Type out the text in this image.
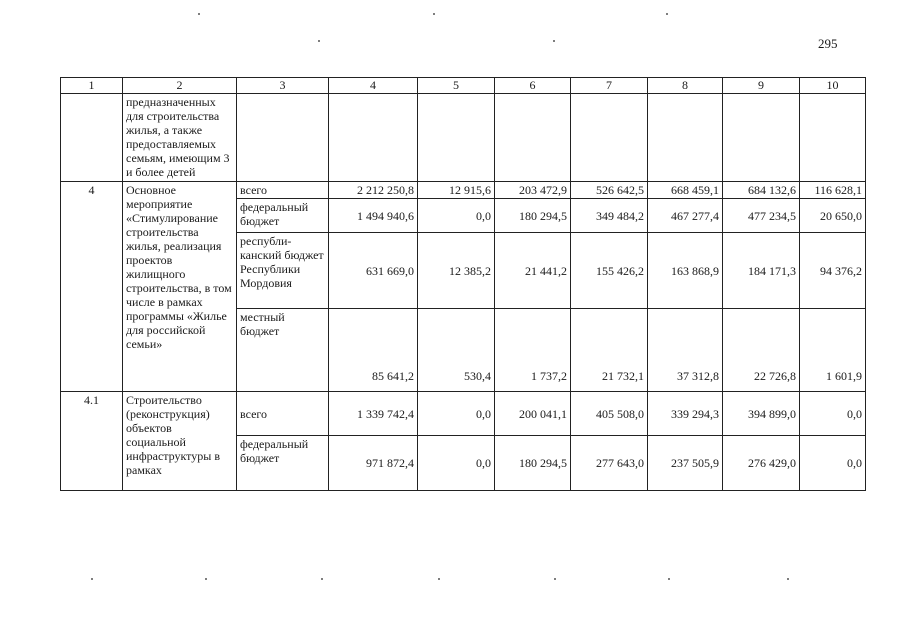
295
1	2	3	4	5	6	7	8	9	10
	предназначенных для строительства жилья, а также предоставляемых семьям, имеющим 3 и более детей								
4	Основное мероприятие «Стимулирование строительства жилья, реализация проектов жилищного строительства, в том числе в рамках программы «Жилье для российской семьи»	всего	2 212 250,8	12 915,6	203 472,9	526 642,5	668 459,1	684 132,6	116 628,1
		федеральный бюджет	1 494 940,6	0,0	180 294,5	349 484,2	467 277,4	477 234,5	20 650,0
		республи-канский бюджет Республики Мордовия	631 669,0	12 385,2	21 441,2	155 426,2	163 868,9	184 171,3	94 376,2
		местный бюджет	85 641,2	530,4	1 737,2	21 732,1	37 312,8	22 726,8	1 601,9
4.1	Строительство (реконструкция) объектов социальной инфраструктуры в рамках	всего	1 339 742,4	0,0	200 041,1	405 508,0	339 294,3	394 899,0	0,0
		федеральный бюджет	971 872,4	0,0	180 294,5	277 643,0	237 505,9	276 429,0	0,0
